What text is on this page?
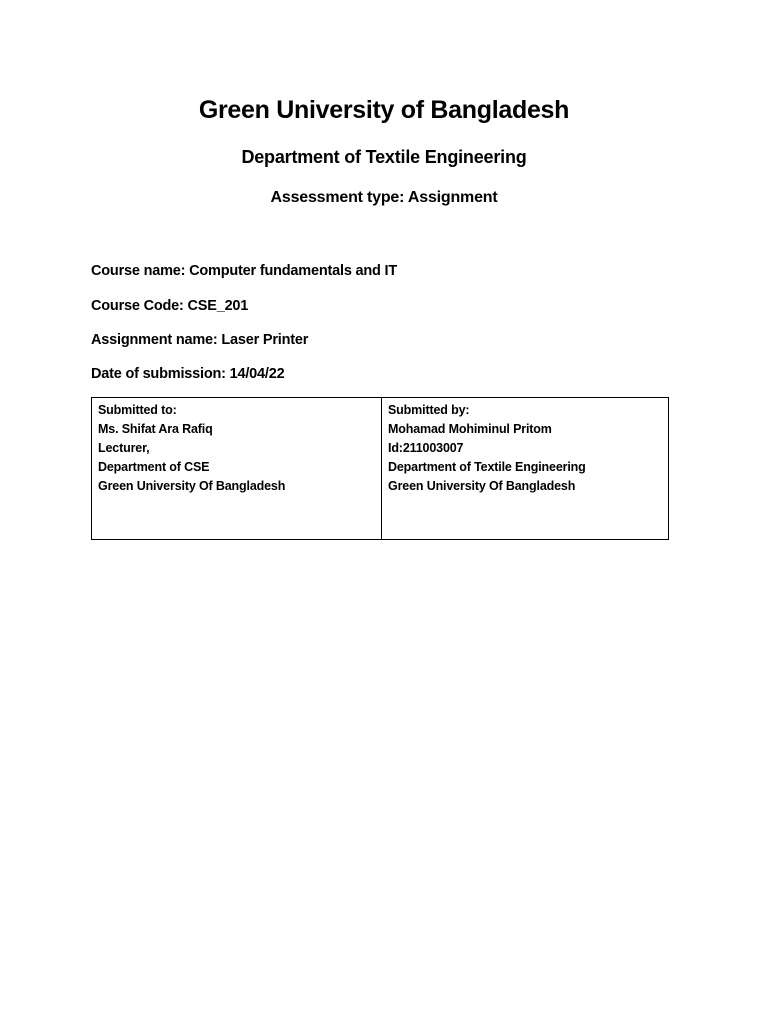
Green University of Bangladesh
Department of Textile Engineering
Assessment type: Assignment
Course name: Computer fundamentals and IT
Course Code: CSE_201
Assignment name: Laser Printer
Date of submission: 14/04/22
Submitted to:
Ms. Shifat Ara Rafiq
Lecturer,
Department of CSE
Green University Of Bangladesh
Submitted by:
Mohamad Mohiminul Pritom
Id:211003007
Department of Textile Engineering
Green University Of Bangladesh
